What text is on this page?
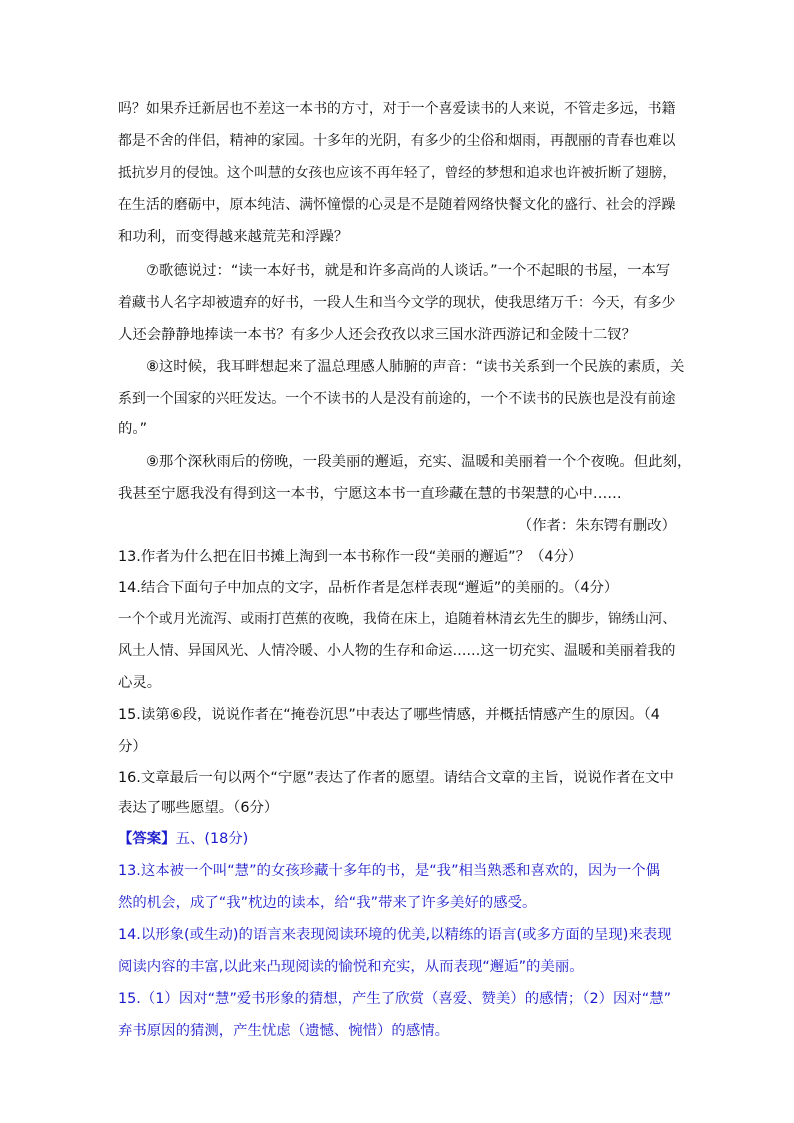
吗？如果乔迁新居也不差这一本书的方寸，对于一个喜爱读书的人来说，不管走多远，书籍
都是不舍的伴侣，精神的家园。十多年的光阴，有多少的尘俗和烟雨，再靓丽的青春也难以
抵抗岁月的侵蚀。这个叫慧的女孩也应该不再年轻了，曾经的梦想和追求也许被折断了翅膀，
在生活的磨砺中，原本纯洁、满怀憧憬的心灵是不是随着网络快餐文化的盛行、社会的浮躁
和功利，而变得越来越荒芜和浮躁？
⑦歌德说过：“读一本好书，就是和许多高尚的人谈话。”一个不起眼的书屋，一本写
着藏书人名字却被遗弃的好书，一段人生和当今文学的现状，使我思绪万千：今天，有多少
人还会静静地捧读一本书？有多少人还会孜孜以求三国水浒西游记和金陵十二钗？
⑧这时候，我耳畔想起来了温总理感人肺腑的声音：“读书关系到一个民族的素质，关
系到一个国家的兴旺发达。一个不读书的人是没有前途的，一个不读书的民族也是没有前途
的。”
⑨那个深秋雨后的傍晚，一段美丽的邂逅，充实、温暖和美丽着一个个夜晚。但此刻，
我甚至宁愿我没有得到这一本书，宁愿这本书一直珍藏在慧的书架慧的心中……
（作者：朱东锷有删改）
13.作者为什么把在旧书摊上淘到一本书称作一段“美丽的邂逅”？（4分）
14.结合下面句子中加点的文字，品析作者是怎样表现“邂逅”的美丽的。（4分）
一个个或月光流泻、或雨打芭蕉的夜晚，我倚在床上，追随着林清玄先生的脚步，锦绣山河、
风土人情、异国风光、人情冷暖、小人物的生存和命运……这一切充实、温暖和美丽着我的
心灵。
15.读第⑥段，说说作者在“掩卷沉思”中表达了哪些情感，并概括情感产生的原因。（4
分）
16.文章最后一句以两个“宁愿”表达了作者的愿望。请结合文章的主旨，说说作者在文中
表达了哪些愿望。（6分）
【答案】五、(18分)
13.这本被一个叫“慧”的女孩珍藏十多年的书，是“我”相当熟悉和喜欢的，因为一个偶
然的机会，成了“我”枕边的读本，给“我”带来了许多美好的感受。
14.以形象(或生动)的语言来表现阅读环境的优美,以精练的语言(或多方面的呈现)来表现
阅读内容的丰富,以此来凸现阅读的愉悦和充实，从而表现“邂逅”的美丽。
15.（1）因对“慧”爱书形象的猜想，产生了欣赏（喜爱、赞美）的感情；（2）因对“慧”
弃书原因的猜测，产生忧虑（遗憾、惋惜）的感情。
